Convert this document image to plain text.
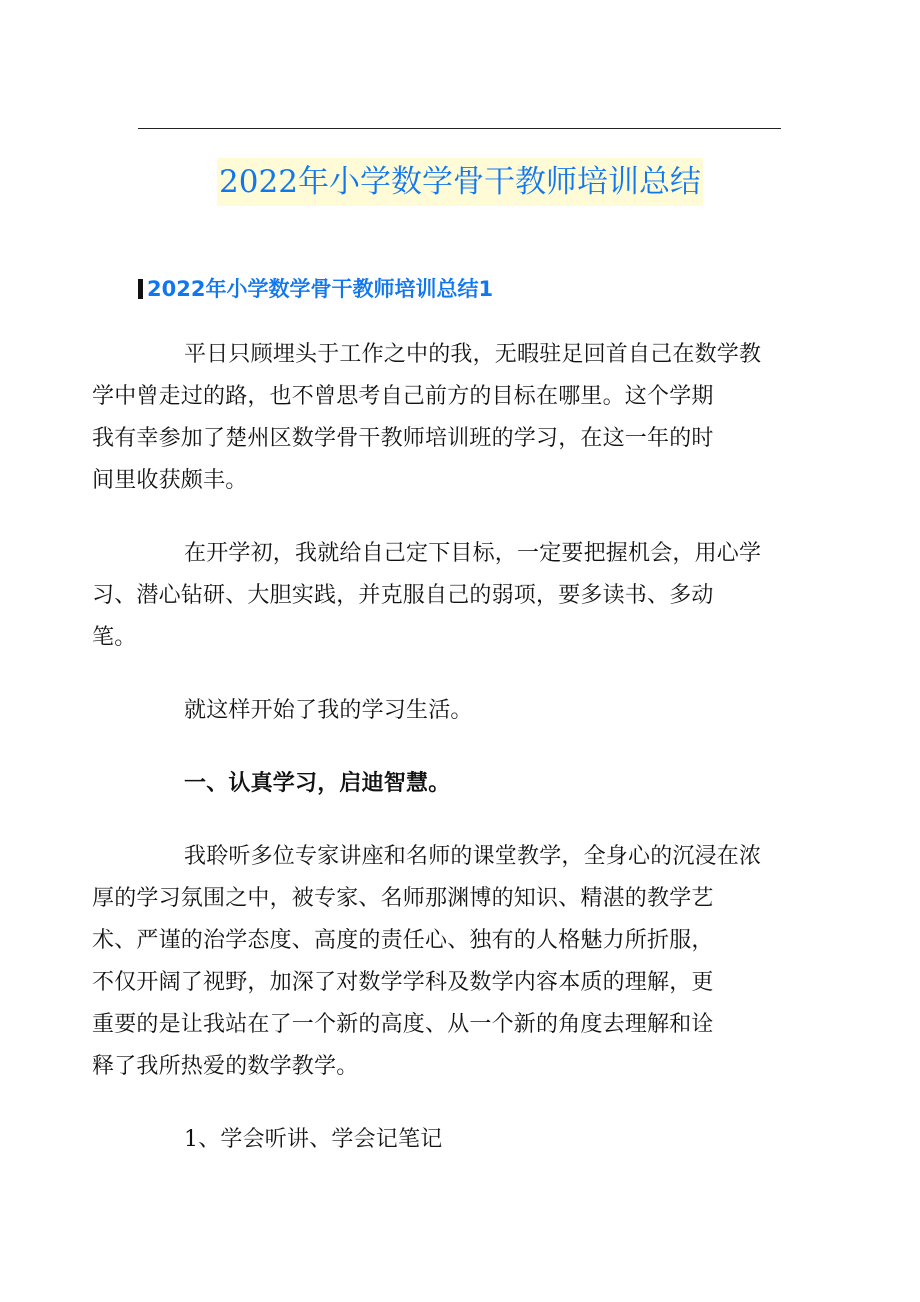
2022年小学数学骨干教师培训总结
2022年小学数学骨干教师培训总结1

平日只顾埋头于工作之中的我，无暇驻足回首自己在数学教
学中曾走过的路，也不曾思考自己前方的目标在哪里。这个学期
我有幸参加了楚州区数学骨干教师培训班的学习，在这一年的时
间里收获颇丰。

在开学初，我就给自己定下目标，一定要把握机会，用心学
习、潜心钻研、大胆实践，并克服自己的弱项，要多读书、多动
笔。

就这样开始了我的学习生活。

一、认真学习，启迪智慧。

我聆听多位专家讲座和名师的课堂教学，全身心的沉浸在浓
厚的学习氛围之中，被专家、名师那渊博的知识、精湛的教学艺
术、严谨的治学态度、高度的责任心、独有的人格魅力所折服，
不仅开阔了视野，加深了对数学学科及数学内容本质的理解，更
重要的是让我站在了一个新的高度、从一个新的角度去理解和诠
释了我所热爱的数学教学。

1、学会听讲、学会记笔记
